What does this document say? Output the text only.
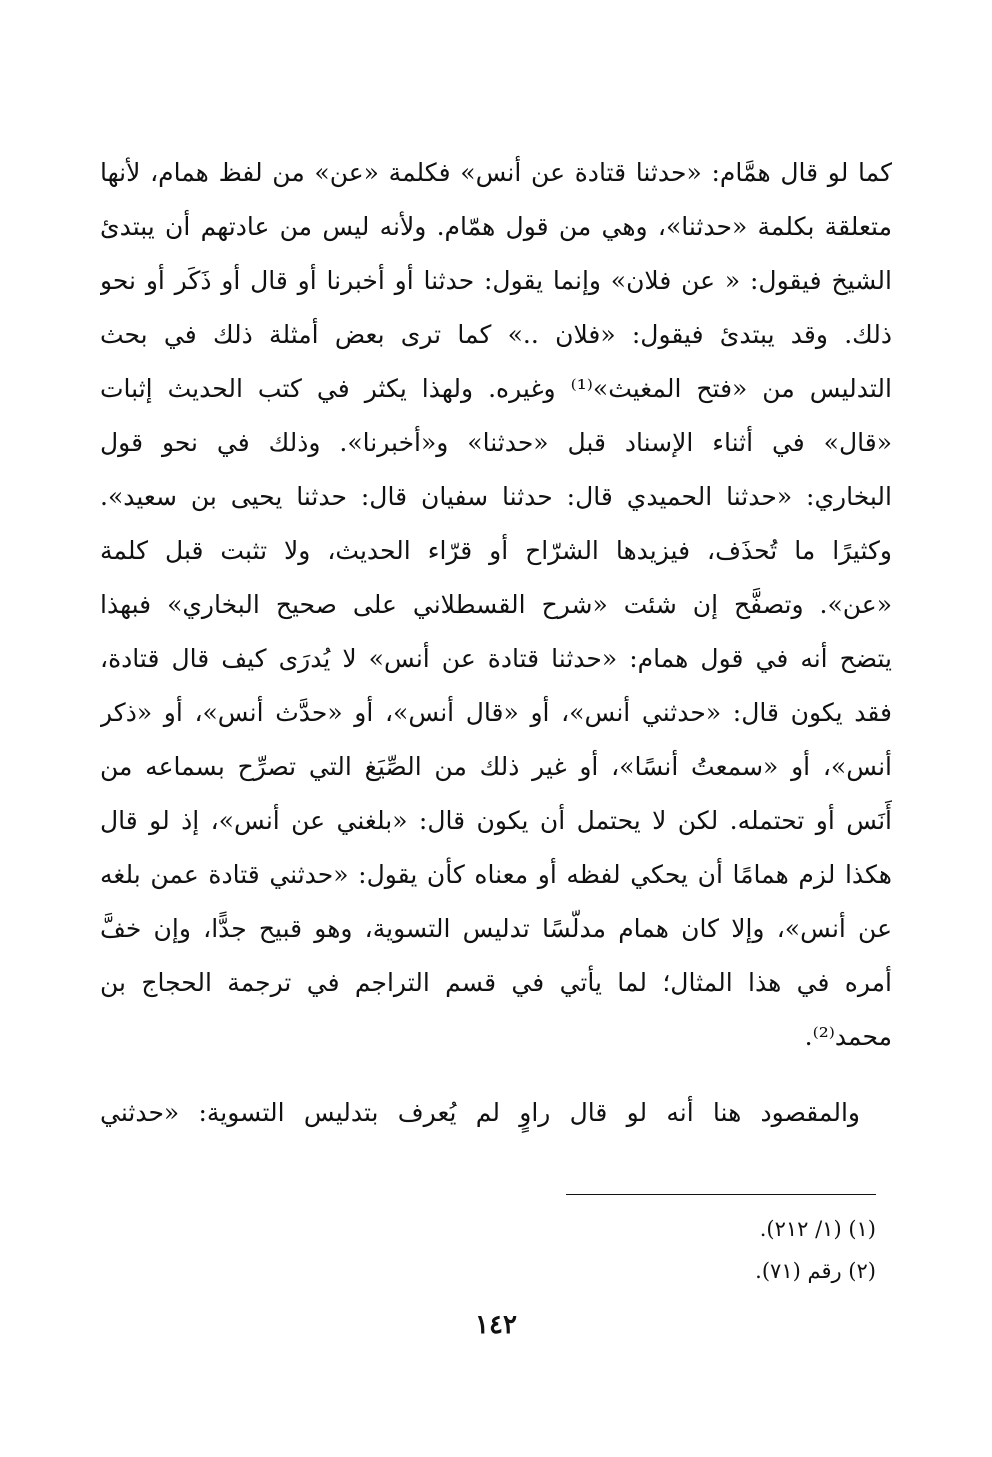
كما لو قال همَّام: «حدثنا قتادة عن أنس» فكلمة «عن» من لفظ همام، لأنها
متعلقة بكلمة «حدثنا»، وهي من قول همّام. ولأنه ليس من عادتهم أن يبتدئ
الشيخ فيقول: « عن فلان» وإنما يقول: حدثنا أو أخبرنا أو قال أو ذَكَر أو نحو
ذلك. وقد يبتدئ فيقول: «فلان ..» كما ترى بعض أمثلة ذلك في بحث
التدليس من «فتح المغيث»⁽¹⁾ وغيره. ولهذا يكثر في كتب الحديث إثبات
«قال» في أثناء الإسناد قبل «حدثنا» و«أخبرنا». وذلك في نحو قول
البخاري: «حدثنا الحميدي قال: حدثنا سفيان قال: حدثنا يحيى بن سعيد».
وكثيرًا ما تُحذَف، فيزيدها الشرّاح أو قرّاء الحديث، ولا تثبت قبل كلمة
«عن». وتصفَّح إن شئت «شرح القسطلاني على صحيح البخاري» فبهذا
يتضح أنه في قول همام: «حدثنا قتادة عن أنس» لا يُدرَى كيف قال قتادة،
فقد يكون قال: «حدثني أنس»، أو «قال أنس»، أو «حدَّث أنس»، أو «ذكر
أنس»، أو «سمعتُ أنسًا»، أو غير ذلك من الصِّيَغ التي تصرِّح بسماعه من
أَنَس أو تحتمله. لكن لا يحتمل أن يكون قال: «بلغني عن أنس»، إذ لو قال
هكذا لزم همامًا أن يحكي لفظه أو معناه كأن يقول: «حدثني قتادة عمن بلغه
عن أنس»، وإلا كان همام مدلّسًا تدليس التسوية، وهو قبيح جدًّا، وإن خفَّ
أمره في هذا المثال؛ لما يأتي في قسم التراجم في ترجمة الحجاج بن
محمد⁽²⁾.
والمقصود هنا أنه لو قال راوٍ لم يُعرف بتدليس التسوية: «حدثني
(١) (١/ ٢١٢).
(٢) رقم (٧١).
١٤٢
